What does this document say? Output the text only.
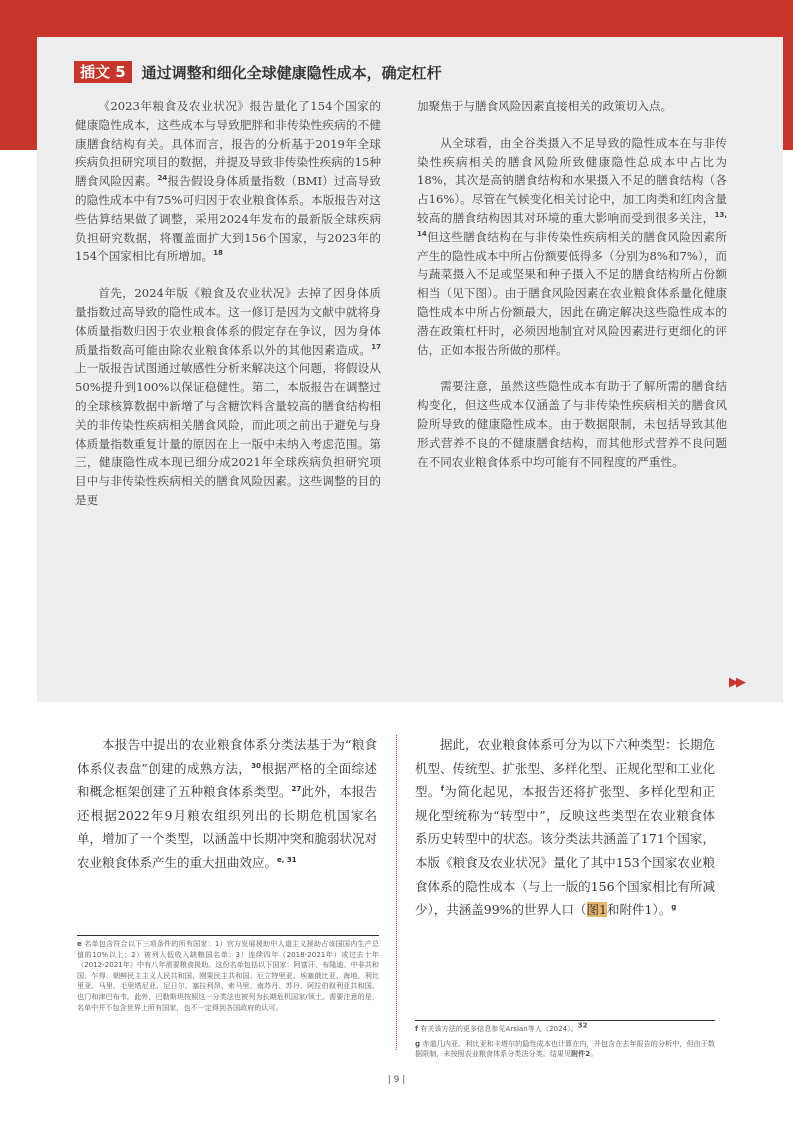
插文 5	通过调整和细化全球健康隐性成本，确定杠杆

《2023年粮食及农业状况》报告量化了154个国家的健康隐性成本，这些成本与导致肥胖和非传染性疾病的不健康膳食结构有关。具体而言，报告的分析基于2019年全球疾病负担研究项目的数据，并提及导致非传染性疾病的15种膳食风险因素。$^{24}$报告假设身体质量指数（BMI）过高导致的隐性成本中有75%可归因于农业粮食体系。本版报告对这些估算结果做了调整，采用2024年发布的最新版全球疾病负担研究数据，将覆盖面扩大到156个国家，与2023年的154个国家相比有所增加。$^{18}$

首先，2024年版《粮食及农业状况》去掉了因身体质量指数过高导致的隐性成本。这一修订是因为文献中就将身体质量指数归因于农业粮食体系的假定存在争议，因为身体质量指数高可能由除农业粮食体系以外的其他因素造成。$^{17}$上一版报告试图通过敏感性分析来解决这个问题，将假设从50%提升到100%以保证稳健性。第二，本版报告在调整过的全球核算数据中新增了与含糖饮料含量较高的膳食结构相关的非传染性疾病相关膳食风险，而此项之前出于避免与身体质量指数重复计量的原因在上一版中未纳入考虑范围。第三，健康隐性成本现已细分成2021年全球疾病负担研究项目中与非传染性疾病相关的膳食风险因素。这些调整的目的是更

加聚焦于与膳食风险因素直接相关的政策切入点。

从全球看，由全谷类摄入不足导致的隐性成本在与非传染性疾病相关的膳食风险所致健康隐性总成本中占比为18%，其次是高钠膳食结构和水果摄入不足的膳食结构（各占16%）。尽管在气候变化相关讨论中，加工肉类和红肉含量较高的膳食结构因其对环境的重大影响而受到很多关注，$^{13, 14}$但这些膳食结构在与非传染性疾病相关的膳食风险因素所产生的隐性成本中所占份额要低得多（分别为8%和7%），而与蔬菜摄入不足或坚果和种子摄入不足的膳食结构所占份额相当（见下图）。由于膳食风险因素在农业粮食体系量化健康隐性成本中所占份额最大，因此在确定解决这些隐性成本的潜在政策杠杆时，必须因地制宜对风险因素进行更细化的评估，正如本报告所做的那样。

需要注意，虽然这些隐性成本有助于了解所需的膳食结构变化，但这些成本仅涵盖了与非传染性疾病相关的膳食风险所导致的健康隐性成本。由于数据限制，未包括导致其他形式营养不良的不健康膳食结构，而其他形式营养不良问题在不同农业粮食体系中均可能有不同程度的严重性。

▶▶

本报告中提出的农业粮食体系分类法基于为“粮食体系仪表盘”创建的成熟方法，$^{30}$根据严格的全面综述和概念框架创建了五种粮食体系类型。$^{27}$此外，本报告还根据2022年9月粮农组织列出的长期危机国家名单，增加了一个类型，以涵盖中长期冲突和脆弱状况对农业粮食体系产生的重大扭曲效应。$^{e, 31}$

据此，农业粮食体系可分为以下六种类型：长期危机型、传统型、扩张型、多样化型、正规化型和工业化型。$^f$为简化起见，本报告还将扩张型、多样化型和正规化型统称为“转型中”，反映这些类型在农业粮食体系历史转型中的状态。该分类法共涵盖了171个国家，本版《粮食及农业状况》量化了其中153个国家农业粮食体系的隐性成本（与上一版的156个国家相比有所减少），共涵盖99%的世界人口（图1和附件1）。$^g$

e 名单包含符合以下三项条件的所有国家：1）官方发展援助中人道主义援助占该国国内生产总值的10%以上；2）被列入低收入缺粮国名单；3）连续四年（2018-2021年）或过去十年（2012-2021年）中有八年需要粮食援助。这份名单包括以下国家：阿富汗、布隆迪、中非共和国、乍得、朝鲜民主主义人民共和国、刚果民主共和国、厄立特里亚、埃塞俄比亚、海地、利比里亚、马里、毛里塔尼亚、尼日尔、塞拉利昂、索马里、南苏丹、苏丹、阿拉伯叙利亚共和国、也门和津巴布韦。此外，巴勒斯坦按照这一分类法也被列为长期危机国家/领土。需要注意的是，名单中并不包含世界上所有国家，也不一定得到各国政府的认可。

f 有关该方法的更多信息参见Arslan等人（2024）。$^{32}$

g 赤道几内亚、利比亚和卡塔尔的隐性成本也计算在内，并包含在去年报告的分析中，但由于数据限制，未按照农业粮食体系分类法分类。结果见附件2。

| 9 |
